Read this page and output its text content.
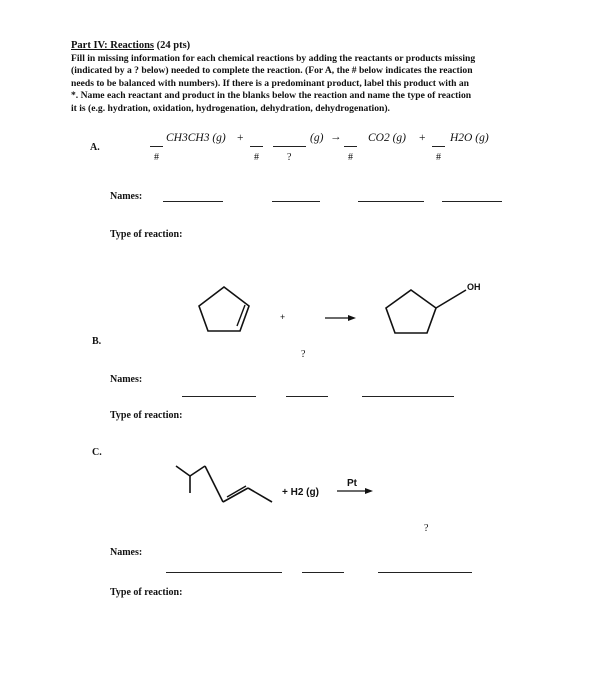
Part IV: Reactions (24 pts)
Fill in missing information for each chemical reactions by adding the reactants or products missing
(indicated by a ? below) needed to complete the reaction. (For A, the # below indicates the reaction
needs to be balanced with numbers). If there is a predominant product, label this product with an
*. Name each reactant and product in the blanks below the reaction and name the type of reaction
it is (e.g. hydration, oxidation, hydrogenation, dehydration, dehydrogenation).
A.
CH3CH3 (g) +	(g) → CO2 (g) + H2O (g)
#	#	?	#	#
Names:
Type of reaction:
+
OH
B.
?
Names:
Type of reaction:
C.
+ H2 (g)
Pt
?
Names:
Type of reaction:
